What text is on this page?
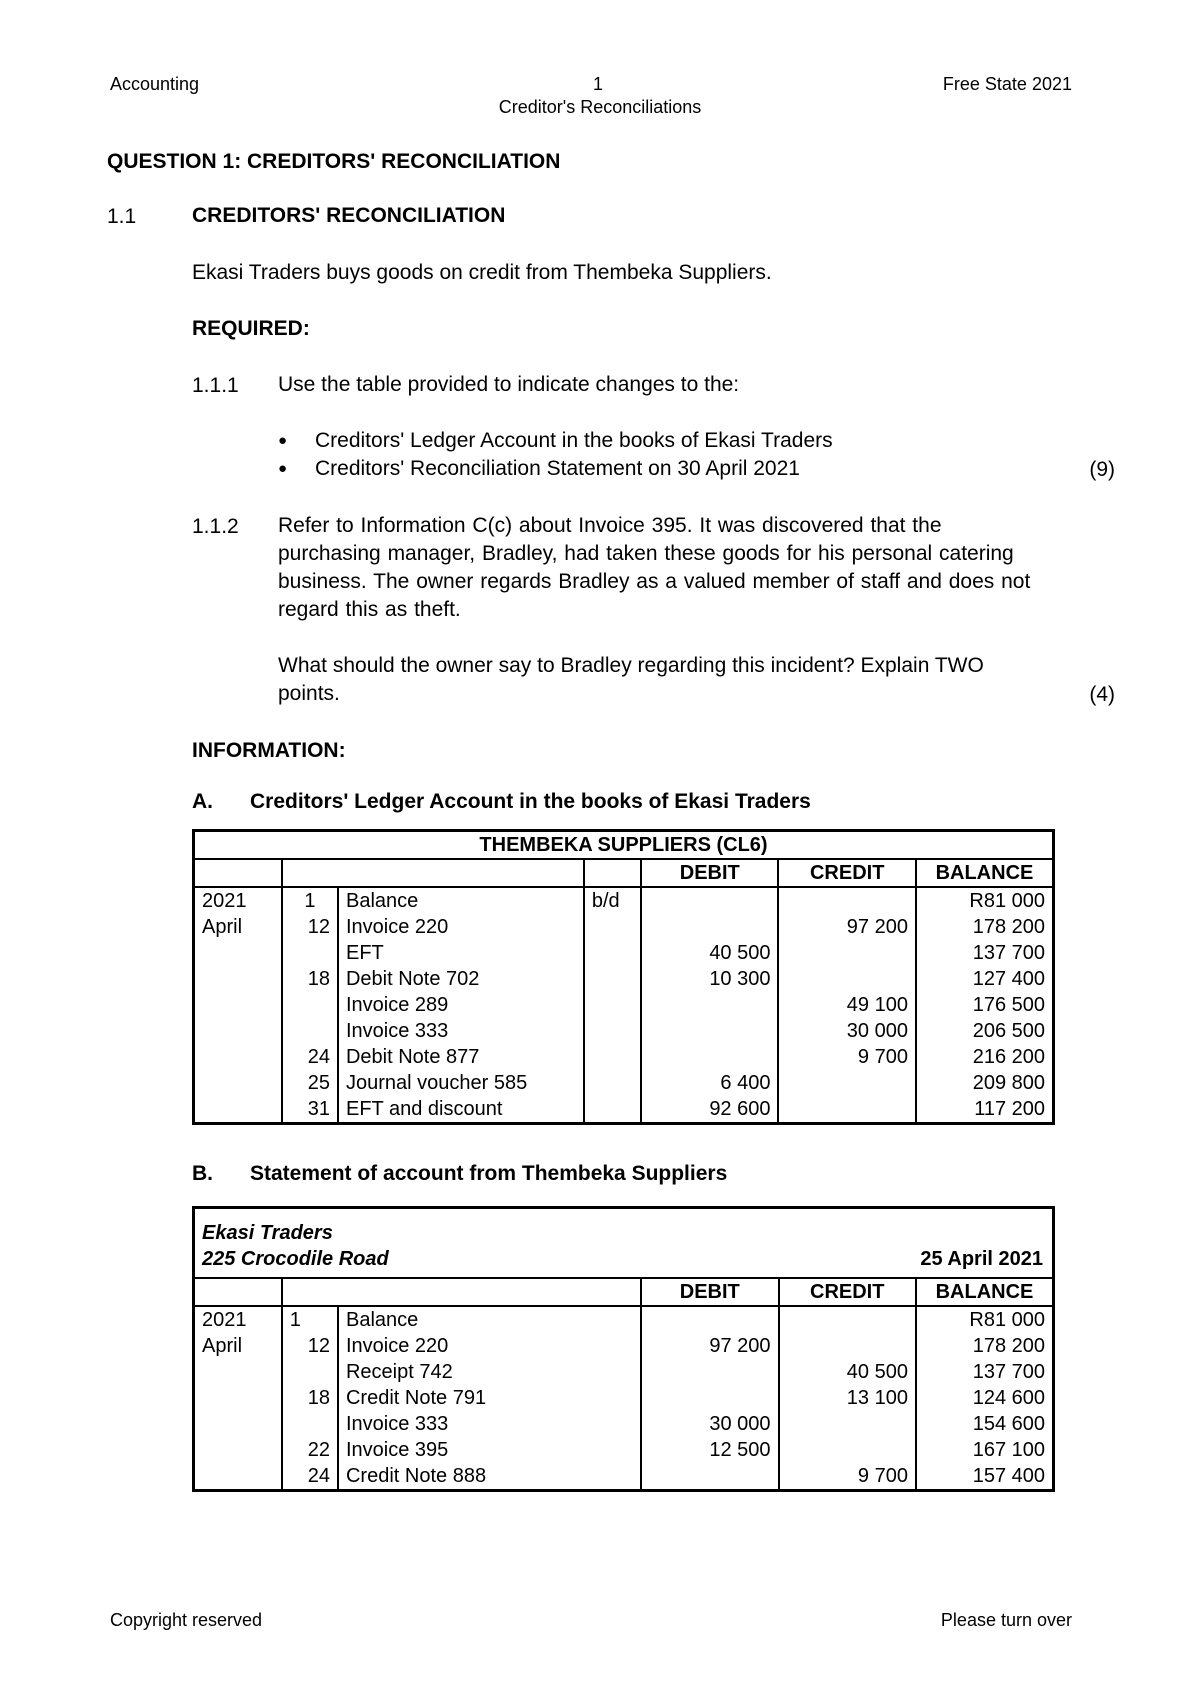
Accounting	1	Free State 2021
Creditor's Reconciliations
QUESTION 1: CREDITORS' RECONCILIATION
1.1	CREDITORS' RECONCILIATION
Ekasi Traders buys goods on credit from Thembeka Suppliers.
REQUIRED:
1.1.1 Use the table provided to indicate changes to the:
● Creditors' Ledger Account in the books of Ekasi Traders
● Creditors' Reconciliation Statement on 30 April 2021	(9)
1.1.2 Refer to Information C(c) about Invoice 395. It was discovered that the purchasing manager, Bradley, had taken these goods for his personal catering business. The owner regards Bradley as a valued member of staff and does not regard this as theft.
What should the owner say to Bradley regarding this incident? Explain TWO points.	(4)
INFORMATION:
A. Creditors' Ledger Account in the books of Ekasi Traders
THEMBEKA SUPPLIERS (CL6)						
				DEBIT	CREDIT	BALANCE
2021	1	Balance	b/d			R81 000
April	12	Invoice 220			97 200	178 200
		EFT		40 500		137 700
	18	Debit Note 702		10 300		127 400
		Invoice 289			49 100	176 500
		Invoice 333			30 000	206 500
	24	Debit Note 877			9 700	216 200
	25	Journal voucher 585		6 400		209 800
	31	EFT and discount		92 600		117 200
B. Statement of account from Thembeka Suppliers
Ekasi Traders					
225 Crocodile Road 25 April 2021					

			DEBIT	CREDIT	BALANCE
2021	1	Balance			R81 000
April	12	Invoice 220	97 200		178 200
		Receipt 742		40 500	137 700
	18	Credit Note 791		13 100	124 600
		Invoice 333	30 000		154 600
	22	Invoice 395	12 500		167 100
	24	Credit Note 888		9 700	157 400
Copyright reserved	Please turn over
